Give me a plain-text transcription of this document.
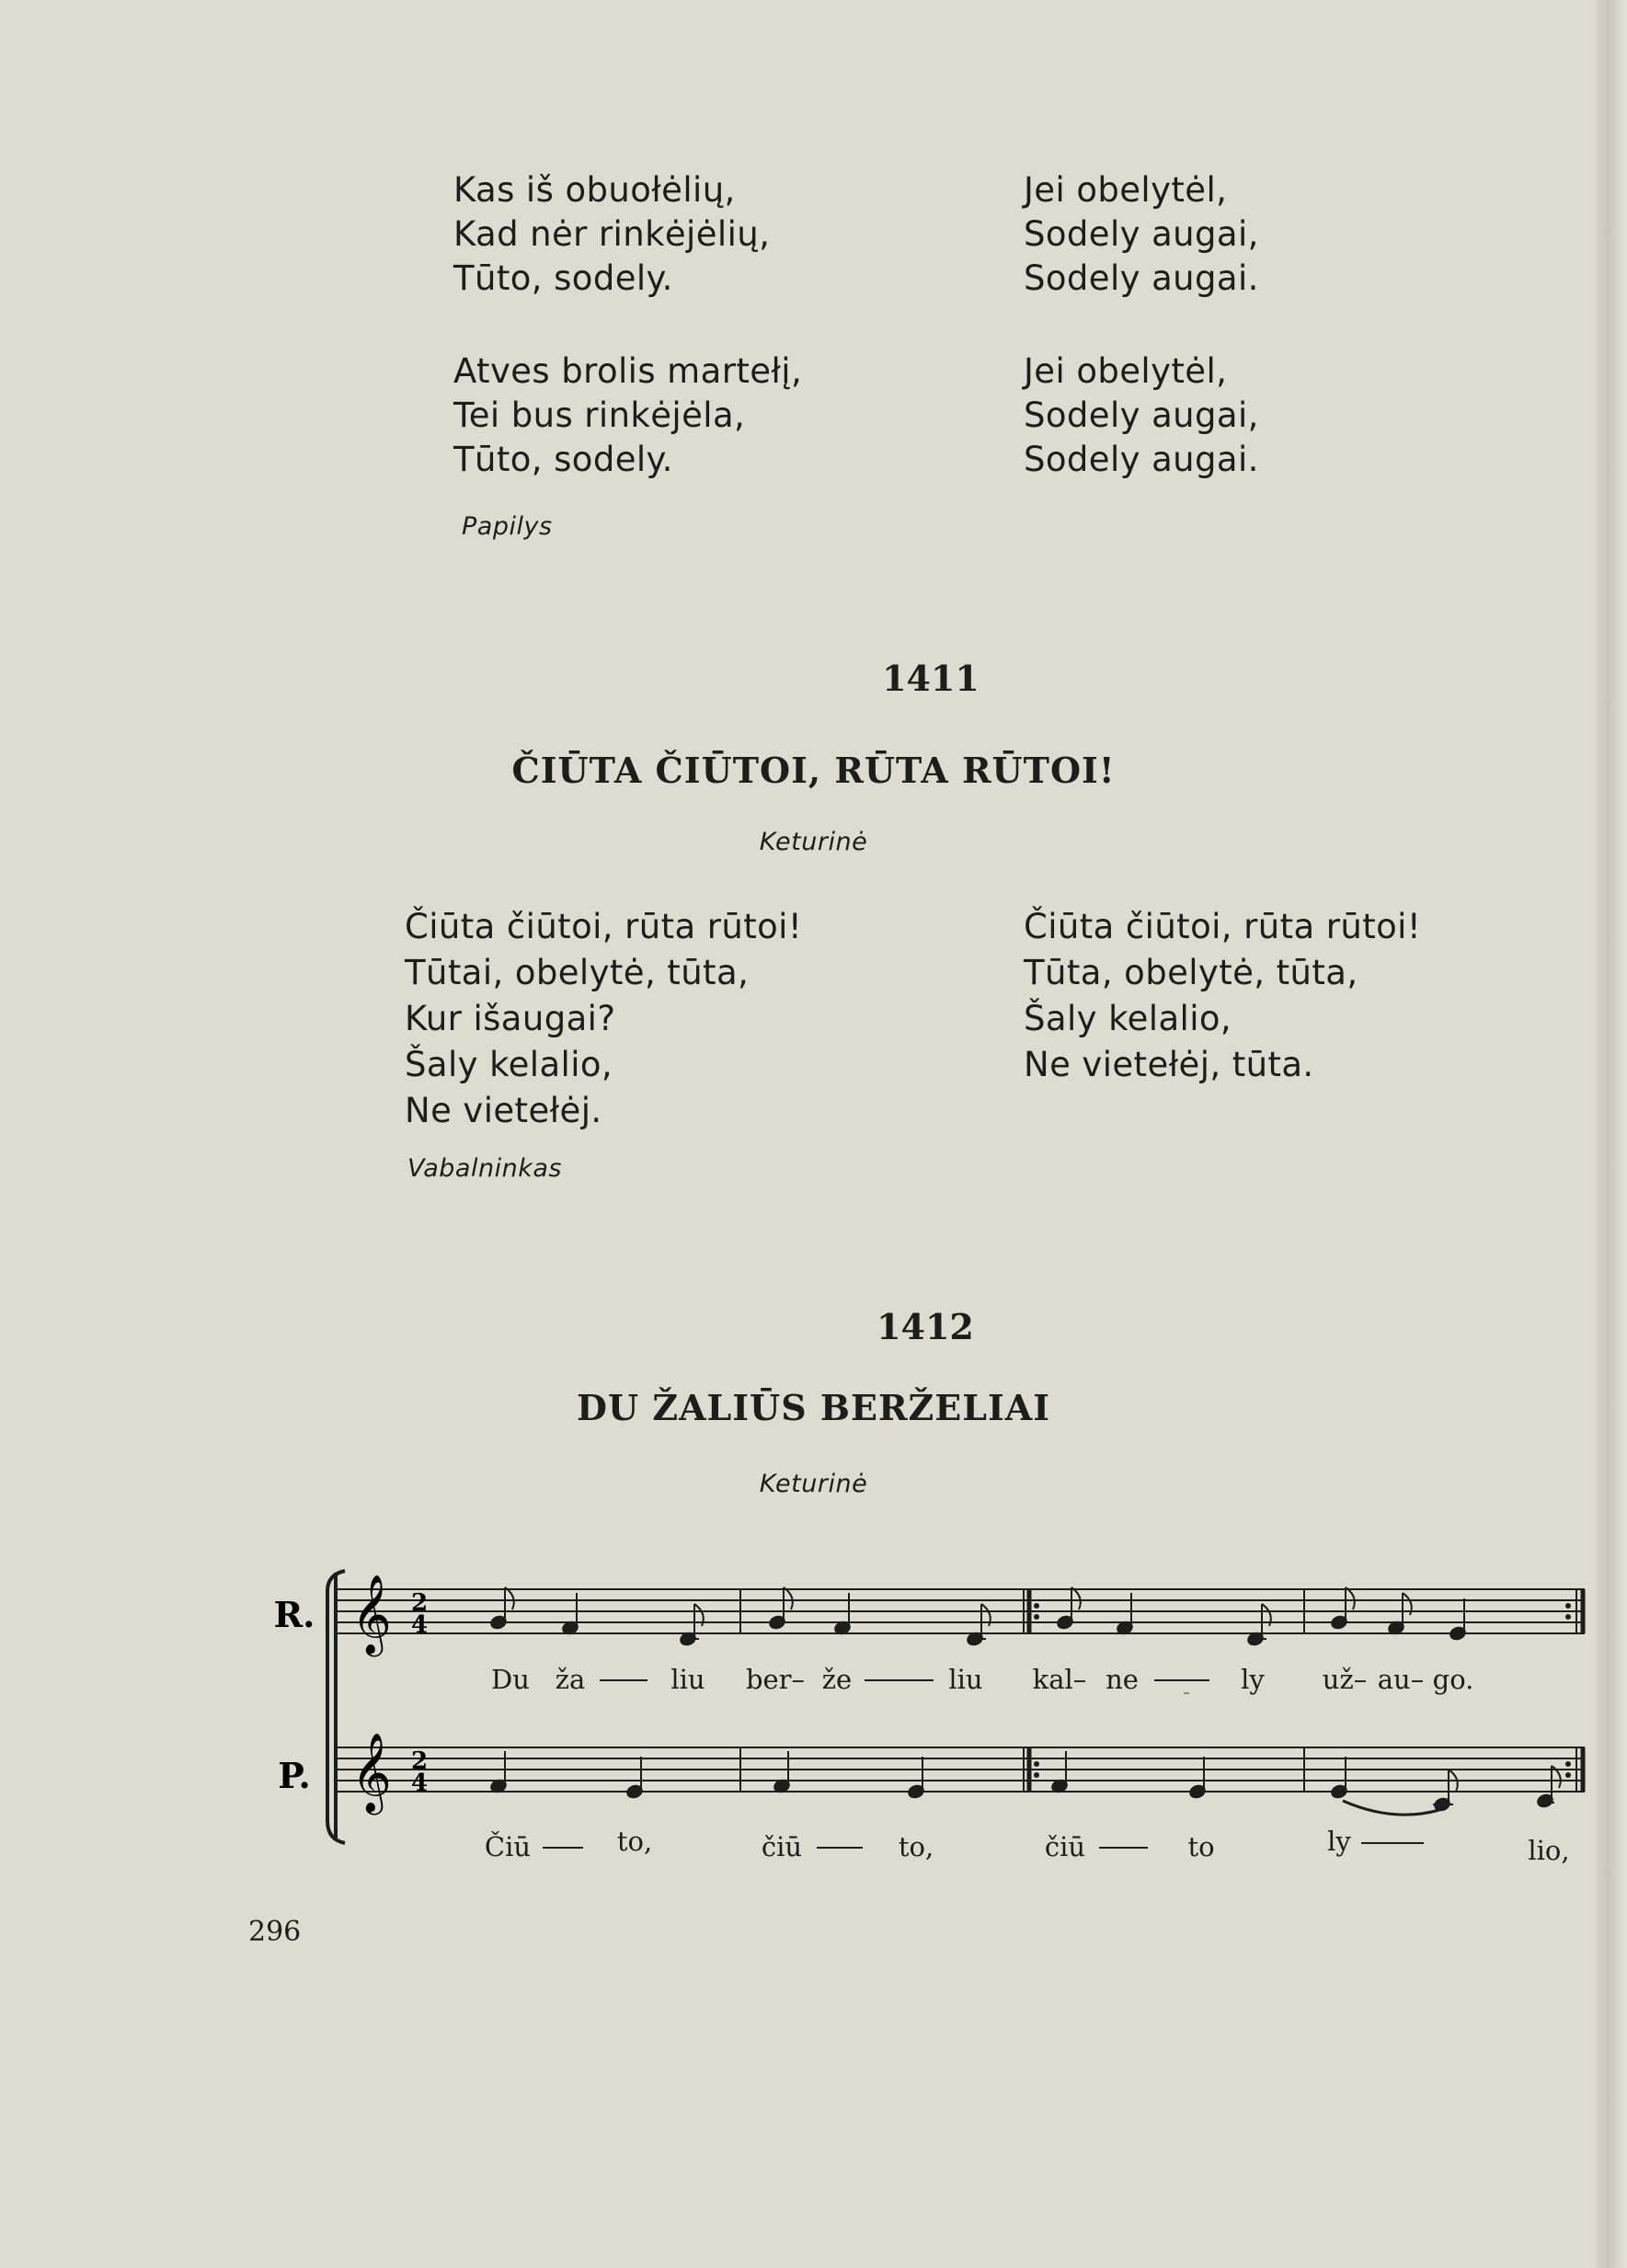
Kas iš obuołėlių,
Kad nėr rinkėjėlių,
Tūto, sodely.
Atves brolis martełį,
Tei bus rinkėjėla,
Tūto, sodely.
Jei obelytėl,
Sodely augai,
Sodely augai.
Jei obelytėl,
Sodely augai,
Sodely augai.
Papilys
1411
ČIŪTA ČIŪTOI, RŪTA RŪTOI!
Keturinė
Čiūta čiūtoi, rūta rūtoi!
Tūtai, obelytė, tūta,
Kur išaugai?
Šaly kelalio,
Ne vietełėj.
Čiūta čiūtoi, rūta rūtoi!
Tūta, obelytė, tūta,
Šaly kelalio,
Ne vietełėj, tūta.
Vabalninkas
1412
DU ŽALIŪS BERŽELIAI
Keturinė
R.
P.
𝄞
𝄞
2
4
2
4
Du ža	liu ber– že	liu kal– ne	– ly už– au– go.
Čiū	to,	čiū	to,	čiū	to	ly	lio,
296
